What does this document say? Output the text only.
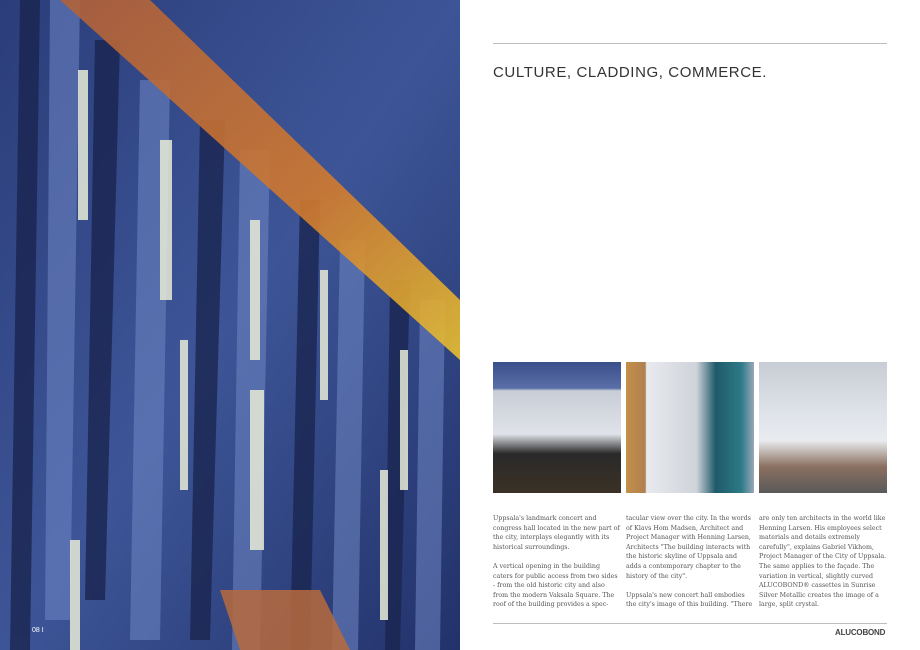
CULTURE, CLADDING, COMMERCE.

Uppsala's landmark concert and congress hall located in the new part of the city, interplays elegantly with its historical surroundings.

A vertical opening in the building caters for public access from two sides - from the old historic city and also from the modern Vaksala Square. The roof of the building provides a spec-

tacular view over the city. In the words of Klavs Hom Madsen, Architect and Project Manager with Henning Larsen, Architects "The building interacts with the historic skyline of Uppsala and adds a contemporary chapter to the history of the city".

Uppsala's new concert hall embodies the city's image of this building. "There

are only ten architects in the world like Henning Larsen. His employees select materials and details extremely carefully", explains Gabriel Vikhom, Project Manager of the City of Uppsala. The same applies to the façade. The variation in vertical, slightly curved ALUCOBOND® cassettes in Sunrise Silver Metallic creates the image of a large, split crystal.

08 I	ALUCOBOND
